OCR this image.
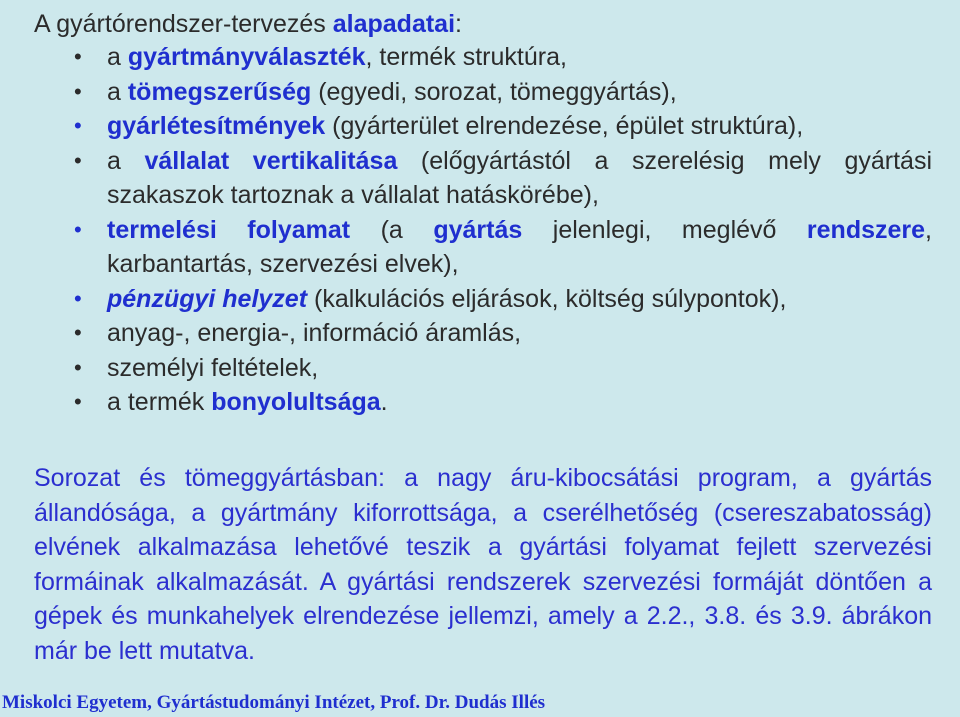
A gyártórendszer-tervezés alapadatai:
•	a gyártmányválaszték, termék struktúra,
•	a tömegszerűség (egyedi, sorozat, tömeggyártás),
•	gyárlétesítmények (gyárterület elrendezése, épület struktúra),
•	a vállalat vertikalitása (előgyártástól a szerelésig mely gyártási szakaszok tartoznak a vállalat hatáskörébe),
•	termelési folyamat (a gyártás jelenlegi, meglévő rendszere, karbantartás, szervezési elvek),
•	pénzügyi helyzet (kalkulációs eljárások, költség súlypontok),
•	anyag-, energia-, információ áramlás,
•	személyi feltételek,
•	a termék bonyolultsága.

Sorozat és tömeggyártásban: a nagy áru-kibocsátási program, a gyártás állandósága, a gyártmány kiforrottsága, a cserélhetőség (csereszabatosság) elvének alkalmazása lehetővé teszik a gyártási folyamat fejlett szervezési formáinak alkalmazását. A gyártási rendszerek szervezési formáját döntően a gépek és munkahelyek elrendezése jellemzi, amely a 2.2., 3.8. és 3.9. ábrákon már be lett mutatva.

Miskolci Egyetem, Gyártástudományi Intézet, Prof. Dr. Dudás Illés
